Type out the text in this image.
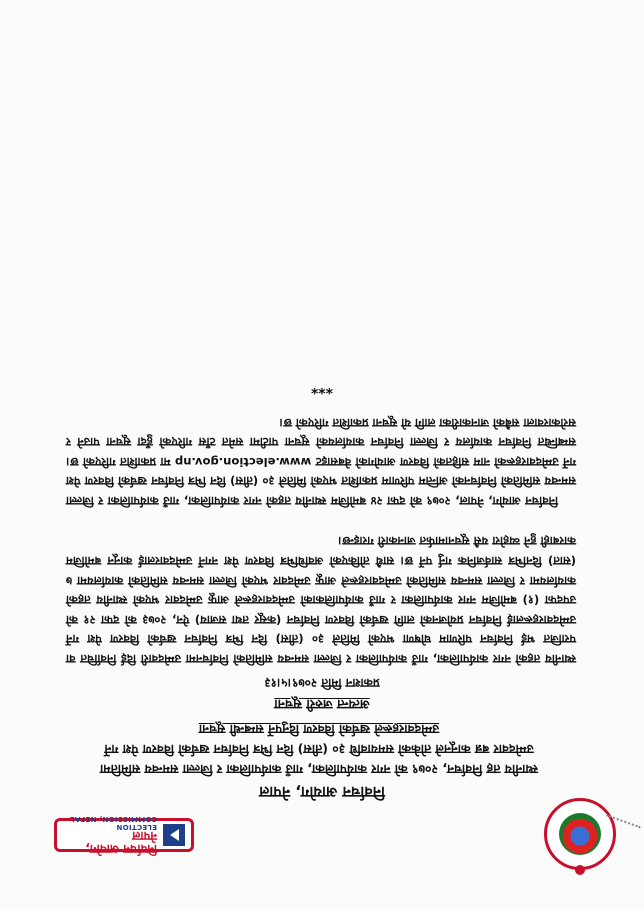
निर्वाचन आयोग, नेपाल
ELECTION COMMISSION, NEPAL
निर्वाचन आयोग, नेपाल
स्थानीय तह निर्वाचन, २०७९ को नगर कार्यपालिका, गाउँ कार्यपालिका र जिल्ला समन्वय समितिमा
उम्मेदवार बन्न कानूनले तोकेको समयावधि ३० (तीस) दिन भित्र निर्वाचन खर्चको विवरण पेश गर्ने
उम्मेदवारहरूले खर्चको विवरण दिनुपर्ने सम्बन्धी सूचना
अत्यन्त जरुरी सूचना
प्रकाशन मिति २०७९।५।१३
स्थानीय तहको नगर कार्यपालिका, गाउँ कार्यपालिका र जिल्ला समन्वय समितिको निर्वाचनमा उम्मेदवारी दिई निर्वाचित वा पराजित भई निर्वाचन परिणाम घोषणा भएको मितिले ३० (तीस) दिन भित्र निर्वाचन खर्चको विवरण पेश गर्ने उम्मेदवारहरूलाई निर्वाचन प्रयोजनको लागि खर्चको विवरण निर्वाचन (कसूर तथा सजाय) ऐन, २०७३ को दफा २१ को उपदफा (१) बमोजिम नगर कार्यपालिका र गाउँ कार्यपालिकाको उम्मेदवारहरूले आफू उम्मेदवार भएको स्थानीय तहको कार्यालयमा र जिल्ला समन्वय समितिको उम्मेदवारहरूले आफू उम्मेदवार भएको जिल्ला समन्वय समितिको कार्यालयमा ७ (सात) दिनभित्र सार्वजनिक गर्नु पर्ने छ। साथै तोकिएको अवधिभित्र विवरण पेश नगर्ने उम्मेदवारलाई कानून बमोजिम कारबाही हुने व्यहोरा यसै सूचनामार्फत जानकारी गराइन्छ।
निर्वाचन आयोग, नेपाल, २०७९ को दफा २४ बमोजिम स्थानीय तहको नगर कार्यपालिका, गाउँ कार्यपालिका र जिल्ला समन्वय समितिको निर्वाचनको अन्तिम परिणाम प्रकाशित भएको मितिले ३० (तीस) दिन भित्र निर्वाचन खर्चको विवरण पेश गर्ने उम्मेदवारहरूको नाम सहितको विवरण आयोगको वेबसाइट www.election.gov.np मा प्रकाशित गरिएको छ। सम्बन्धित निर्वाचन कार्यालय र जिल्ला निर्वाचन कार्यालयको सूचना पाटीमा समेत टाँस गरिएको हुँदा सूचना पाउने र सरोकारवाला सबैको जानकारीका लागि यो सूचना प्रकाशित गरिएको छ।
***
